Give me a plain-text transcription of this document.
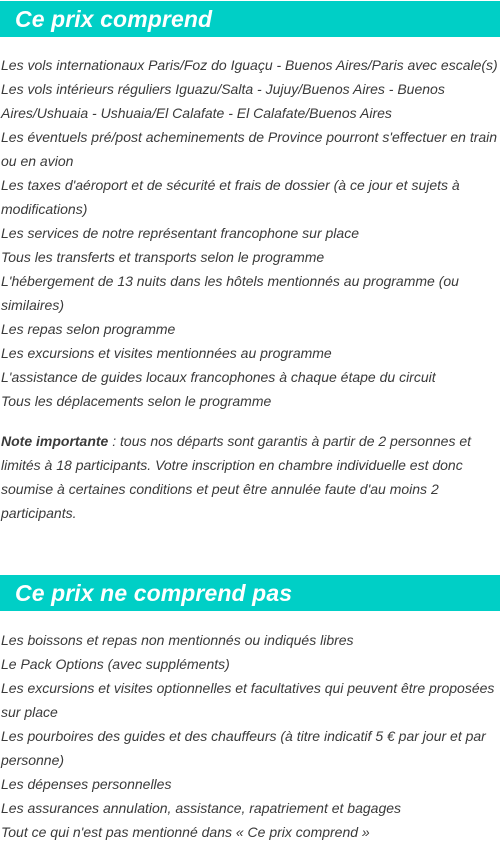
Ce prix comprend
Les vols internationaux Paris/Foz do Iguaçu - Buenos Aires/Paris avec escale(s)
Les vols intérieurs réguliers Iguazu/Salta - Jujuy/Buenos Aires - Buenos Aires/Ushuaia - Ushuaia/El Calafate - El Calafate/Buenos Aires
Les éventuels pré/post acheminements de Province pourront s'effectuer en train ou en avion
Les taxes d'aéroport et de sécurité et frais de dossier (à ce jour et sujets à modifications)
Les services de notre représentant francophone sur place
Tous les transferts et transports selon le programme
L'hébergement de 13 nuits dans les hôtels mentionnés au programme (ou similaires)
Les repas selon programme
Les excursions et visites mentionnées au programme
L'assistance de guides locaux francophones à chaque étape du circuit
Tous les déplacements selon le programme

Note importante : tous nos départs sont garantis à partir de 2 personnes et limités à 18 participants. Votre inscription en chambre individuelle est donc soumise à certaines conditions et peut être annulée faute d'au moins 2 participants.

Ce prix ne comprend pas
Les boissons et repas non mentionnés ou indiqués libres
Le Pack Options (avec suppléments)
Les excursions et visites optionnelles et facultatives qui peuvent être proposées sur place
Les pourboires des guides et des chauffeurs (à titre indicatif 5 € par jour et par personne)
Les dépenses personnelles
Les assurances annulation, assistance, rapatriement et bagages
Tout ce qui n'est pas mentionné dans « Ce prix comprend »
